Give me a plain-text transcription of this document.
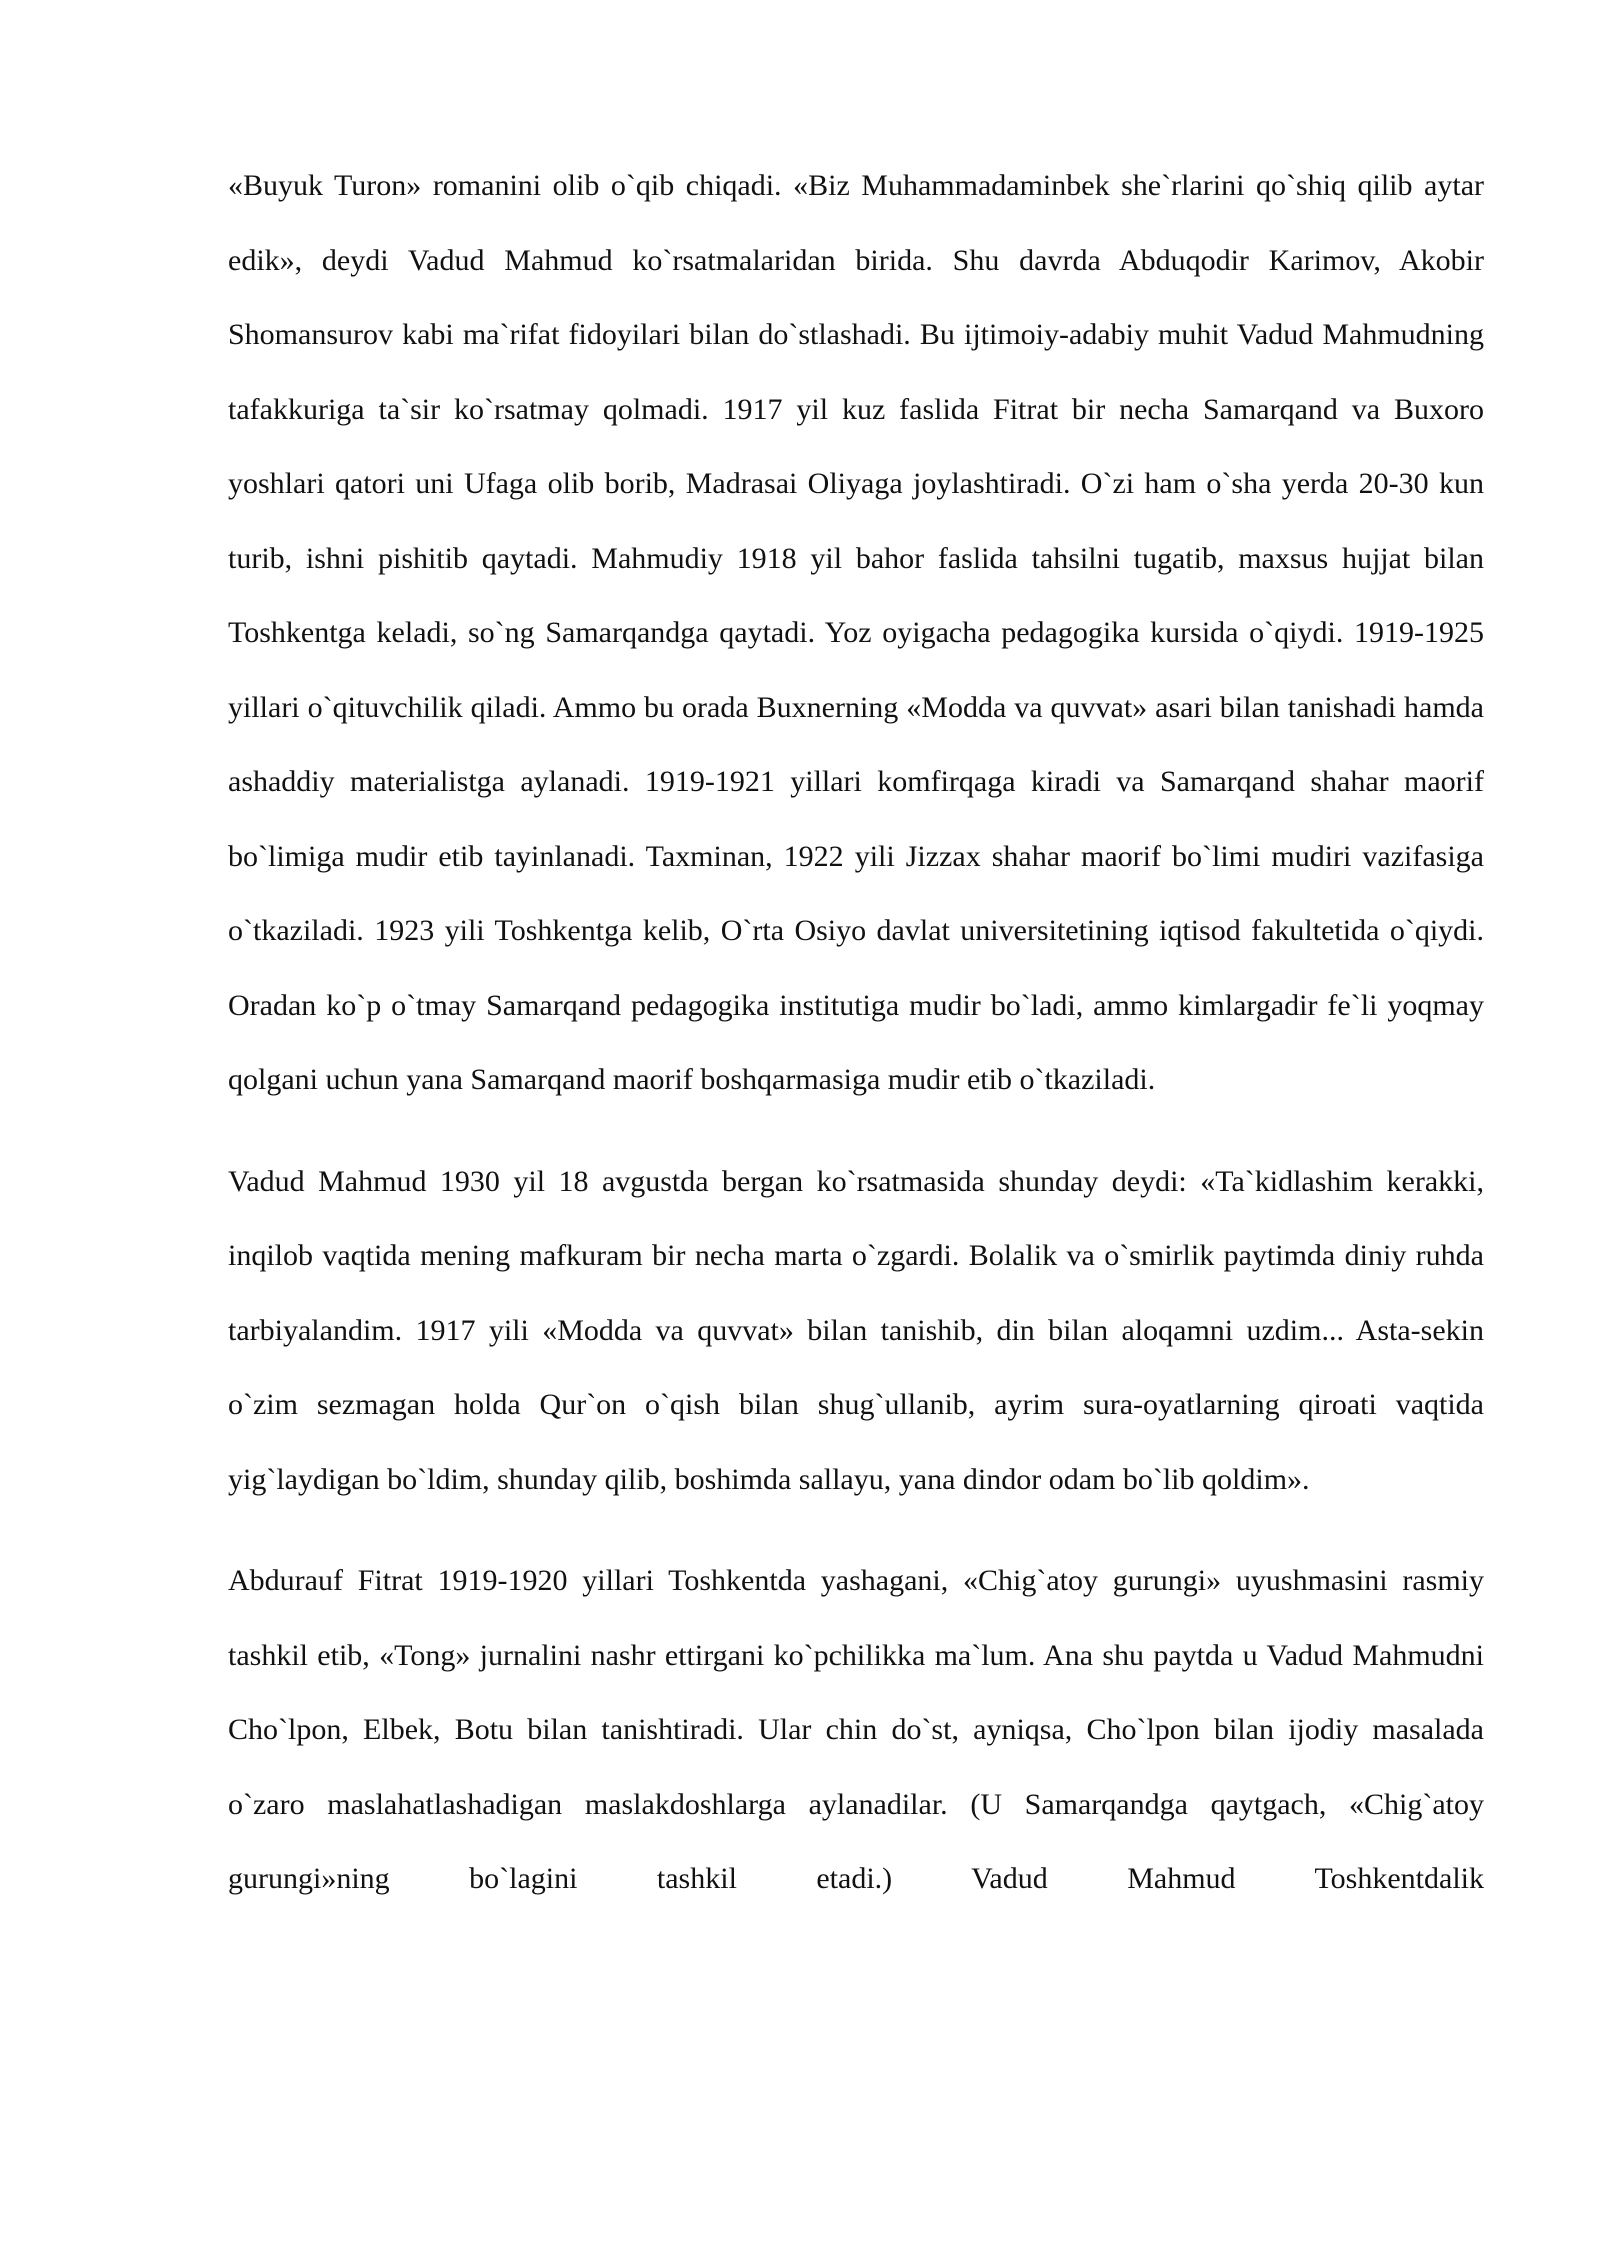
«Buyuk Turon» romanini olib o`qib chiqadi. «Biz Muhammadaminbek she`rlarini qo`shiq qilib aytar edik», deydi Vadud Mahmud ko`rsatmalaridan birida. Shu davrda Abduqodir Karimov, Akobir Shomansurov kabi ma`rifat fidoyilari bilan do`stlashadi. Bu ijtimoiy-adabiy muhit Vadud Mahmudning tafakkuriga ta`sir ko`rsatmay qolmadi. 1917 yil kuz faslida Fitrat bir necha Samarqand va Buxoro yoshlari qatori uni Ufaga olib borib, Madrasai Oliyaga joylashtiradi. O`zi ham o`sha yerda 20-30 kun turib, ishni pishitib qaytadi. Mahmudiy 1918 yil bahor faslida tahsilni tugatib, maxsus hujjat bilan Toshkentga keladi, so`ng Samarqandga qaytadi. Yoz oyigacha pedagogika kursida o`qiydi. 1919-1925 yillari o`qituvchilik qiladi. Ammo bu orada Buxnerning «Modda va quvvat» asari bilan tanishadi hamda ashaddiy materialistga aylanadi. 1919-1921 yillari komfirqaga kiradi va Samarqand shahar maorif bo`limiga mudir etib tayinlanadi. Taxminan, 1922 yili Jizzax shahar maorif bo`limi mudiri vazifasiga o`tkaziladi. 1923 yili Toshkentga kelib, O`rta Osiyo davlat universitetining iqtisod fakultetida o`qiydi. Oradan ko`p o`tmay Samarqand pedagogika institutiga mudir bo`ladi, ammo kimlargadir fe`li yoqmay qolgani uchun yana Samarqand maorif boshqarmasiga mudir etib o`tkaziladi.

Vadud Mahmud 1930 yil 18 avgustda bergan ko`rsatmasida shunday deydi: «Ta`kidlashim kerakki, inqilob vaqtida mening mafkuram bir necha marta o`zgardi. Bolalik va o`smirlik paytimda diniy ruhda tarbiyalandim. 1917 yili «Modda va quvvat» bilan tanishib, din bilan aloqamni uzdim... Asta-sekin o`zim sezmagan holda Qur`on o`qish bilan shug`ullanib, ayrim sura-oyatlarning qiroati vaqtida yig`laydigan bo`ldim, shunday qilib, boshimda sallayu, yana dindor odam bo`lib qoldim».

Abdurauf Fitrat 1919-1920 yillari Toshkentda yashagani, «Chig`atoy gurungi» uyushmasini rasmiy tashkil etib, «Tong» jurnalini nashr ettirgani ko`pchilikka ma`lum. Ana shu paytda u Vadud Mahmudni Cho`lpon, Elbek, Botu bilan tanishtiradi. Ular chin do`st, ayniqsa, Cho`lpon bilan ijodiy masalada o`zaro maslahatlashadigan maslakdoshlarga aylanadilar. (U Samarqandga qaytgach, «Chig`atoy gurungi»ning bo`lagini tashkil etadi.) Vadud Mahmud Toshkentdalik
